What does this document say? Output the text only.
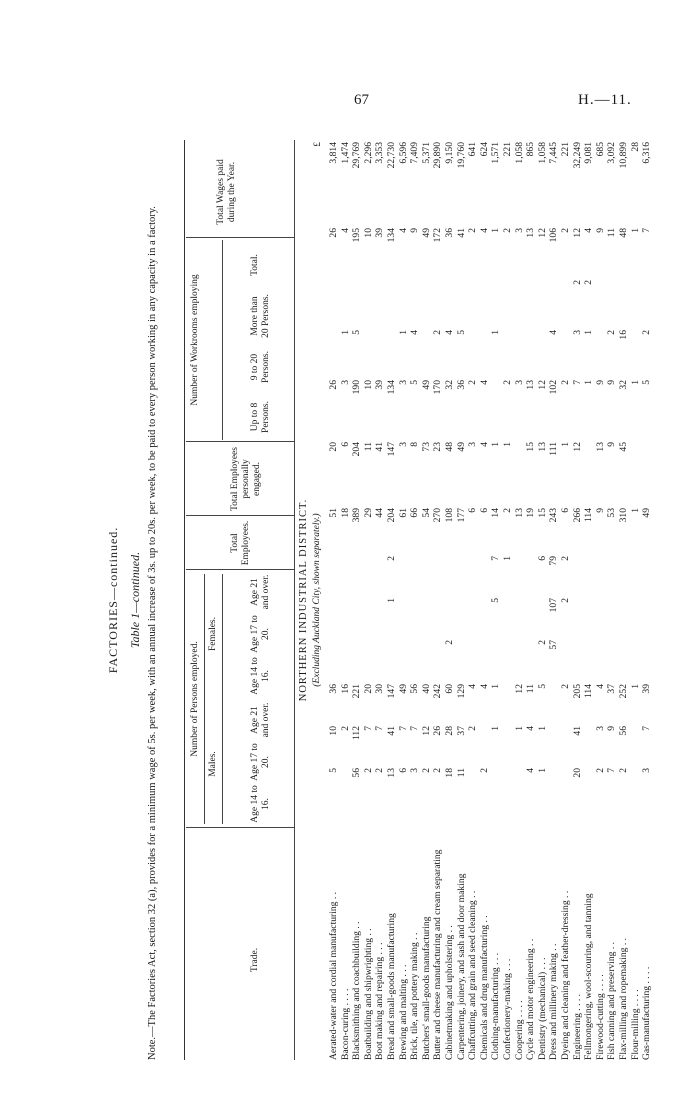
67	H.—11.
FACTORIES—continued. Table 1—continued. Note.—The Factories Act, section 32 (a), provides for a minimum wage of 5s. per week, with an annual increase of 3s. up to 20s. per week, to be paid to every person working in any capacity in a factory.	Trade.
Number of Persons employed.
Males.
Females.
Age 14 to 16.
Age 17 to 20.
Age 21 and over.
Age 14 to 16.
Age 17 to 20.
Age 21 and over.
Total Employees.
Total Employees personally engaged.
Number of Workrooms employing
Up to 8 Persons.
9 to 20 Persons.
More than 20 Persons.
Total.
Total Wages paid during the Year.
NORTHERN INDUSTRIAL DISTRICT. (Excluding Auckland City, shown separately.)
£
Aerated-water and cordial manufacturing . .
5
10
36
51
20
26
26
3,814
Bacon-curing . . . .
2
16
18
6
3
1
4
1,474
Blacksmithing and coachbuilding . .
56
112
221
389
204
190
5
195
29,769
Boatbuilding and shipwrighting . .
2
7
20
29
11
10
10
2,296
Boot making and repairing . . .
2
7
30
44
41
39
39
3,353
Bread and small-goods manufacturing
13
41
147
1
2
204
147
134
134
22,730
Brewing and malting . . .
6
7
49
61
3
3
1
4
6,596
Brick, tile, and pottery making . .
3
7
56
66
8
5
4
9
7,409
Butchers' small-goods manufacturing
2
12
40
54
73
49
49
5,371
Butter and cheese manufacturing and cream separating
2
26
242
270
23
170
2
172
29,890
Cabinetmaking and upholstering . .
18
28
60
2
108
48
32
4
36
9,150
Carpentering, joinery, and sash and door making
11
37
129
177
49
36
5
41
19,760
Chaffcutting, and grain and seed cleaning . .
2
4
6
3
2
2
641
Chemicals and drug manufacturing . .
2
4
6
4
4
4
624
Clothing-manufacturing . . .
1
1
5
7
14
1
1
1
1,571
Confectionery-making . . .
1
2
1
2
2
221
Coopering . . . .
1
12
13
3
3
1,058
Cycle and motor engineering . .
4
4
11
19
15
13
13
865
Dentistry (mechanical) . . .
1
1
5
2
6
15
13
12
12
1,058
Dress and millinery making . .
57
107
79
243
111
102
4
106
7,445
Dyeing and cleaning and feather-dressing . .
2
2
2
6
1
2
2
221
Engineering . . . .
20
41
205
266
12
7
3
2
12
32,249
Fellmongering, wool-scouring, and tanning
114
114
1
1
2
4
9,081
Firewood-cutting . . . .
2
3
4
9
13
9
9
685
Fish canning and preserving . .
7
9
37
53
9
9
2
11
3,092
Flax-milling and ropemaking . .
2
56
252
310
45
32
16
48
10,899
Flour-milling . . . .
1
1
1
1
28
Gas-manufacturing . . . .
3
7
39
49
5
2
7
6,316
